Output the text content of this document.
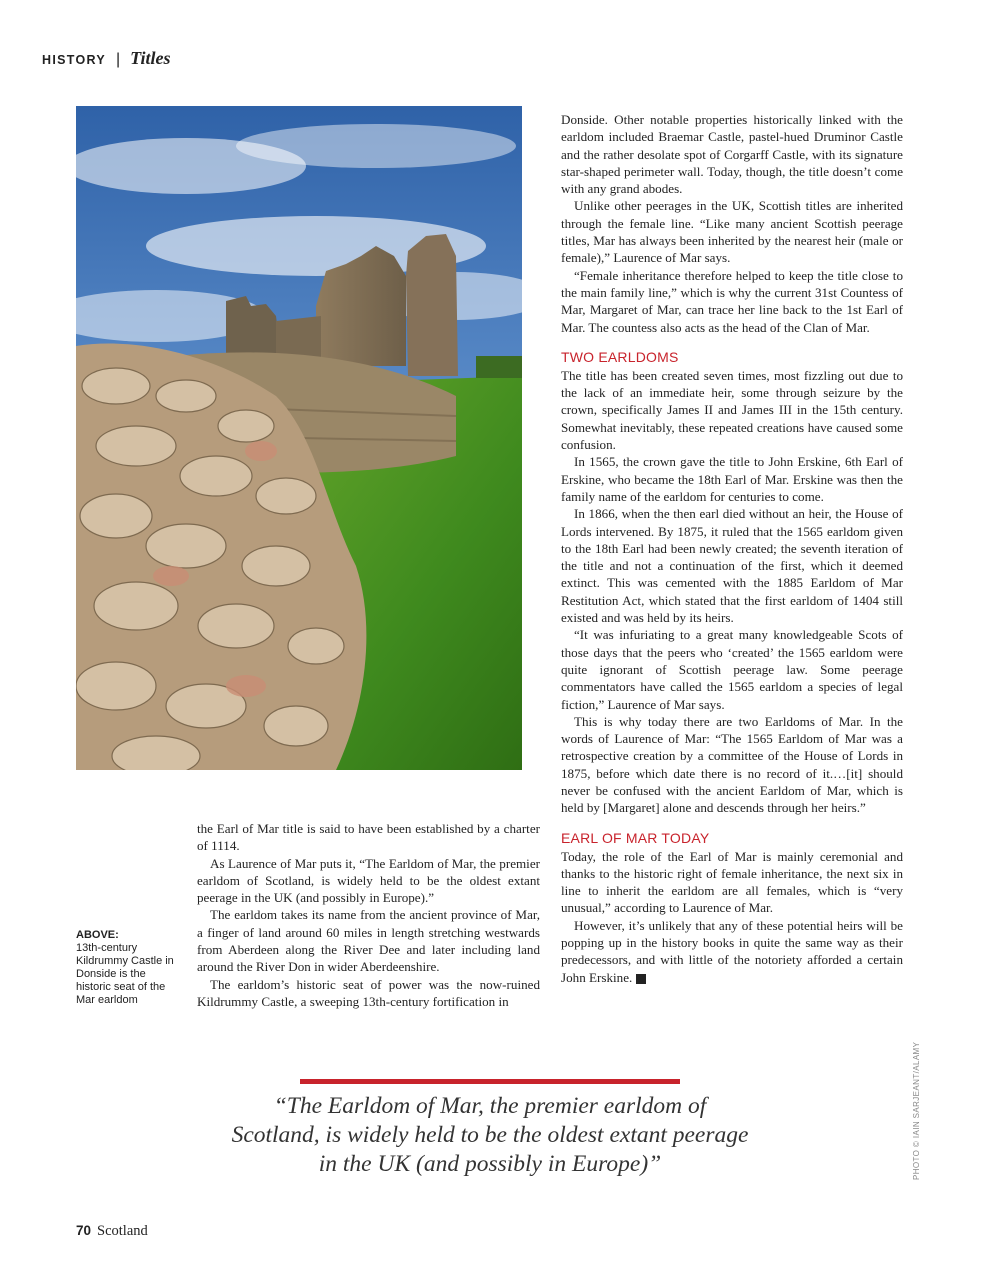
HISTORY | Titles

Donside. Other notable properties historically linked with the earldom included Braemar Castle, pastel-hued Druminor Castle and the rather desolate spot of Corgarff Castle, with its signature star-shaped perimeter wall. Today, though, the title doesn’t come with any grand abodes.

Unlike other peerages in the UK, Scottish titles are inherited through the female line. “Like many ancient Scottish peerage titles, Mar has always been inherited by the nearest heir (male or female),” Laurence of Mar says.

“Female inheritance therefore helped to keep the title close to the main family line,” which is why the current 31st Countess of Mar, Margaret of Mar, can trace her line back to the 1st Earl of Mar. The countess also acts as the head of the Clan of Mar.

TWO EARLDOMS

The title has been created seven times, most fizzling out due to the lack of an immediate heir, some through seizure by the crown, specifically James II and James III in the 15th century. Somewhat inevitably, these repeated creations have caused some confusion.

In 1565, the crown gave the title to John Erskine, 6th Earl of Erskine, who became the 18th Earl of Mar. Erskine was then the family name of the earldom for centuries to come.

In 1866, when the then earl died without an heir, the House of Lords intervened. By 1875, it ruled that the 1565 earldom given to the 18th Earl had been newly created; the seventh iteration of the title and not a continuation of the first, which it deemed extinct. This was cemented with the 1885 Earldom of Mar Restitution Act, which stated that the first earldom of 1404 still existed and was held by its heirs.

“It was infuriating to a great many knowledgeable Scots of those days that the peers who ‘created’ the 1565 earldom were quite ignorant of Scottish peerage law. Some peerage commentators have called the 1565 earldom a species of legal fiction,” Laurence of Mar says.

This is why today there are two Earldoms of Mar. In the words of Laurence of Mar: “The 1565 Earldom of Mar was a retrospective creation by a committee of the House of Lords in 1875, before which date there is no record of it.…[it] should never be confused with the ancient Earldom of Mar, which is held by [Margaret] alone and descends through her heirs.”

EARL OF MAR TODAY

Today, the role of the Earl of Mar is mainly ceremonial and thanks to the historic right of female inheritance, the next six in line to inherit the earldom are all females, which is “very unusual,” according to Laurence of Mar.

However, it’s unlikely that any of these potential heirs will be popping up in the history books in quite the same way as their predecessors, and with little of the notoriety afforded a certain John Erskine. S

ABOVE:
13th-century Kildrummy Castle in Donside is the historic seat of the Mar earldom

the Earl of Mar title is said to have been established by a charter of 1114.

As Laurence of Mar puts it, “The Earldom of Mar, the premier earldom of Scotland, is widely held to be the oldest extant peerage in the UK (and possibly in Europe).”

The earldom takes its name from the ancient province of Mar, a finger of land around 60 miles in length stretching westwards from Aberdeen along the River Dee and later including land around the River Don in wider Aberdeenshire.

The earldom’s historic seat of power was the now-ruined Kildrummy Castle, a sweeping 13th-century fortification in

“The Earldom of Mar, the premier earldom of Scotland, is widely held to be the oldest extant peerage in the UK (and possibly in Europe)”	PHOTO © IAIN SARJEANT/ALAMY
70 Scotland
